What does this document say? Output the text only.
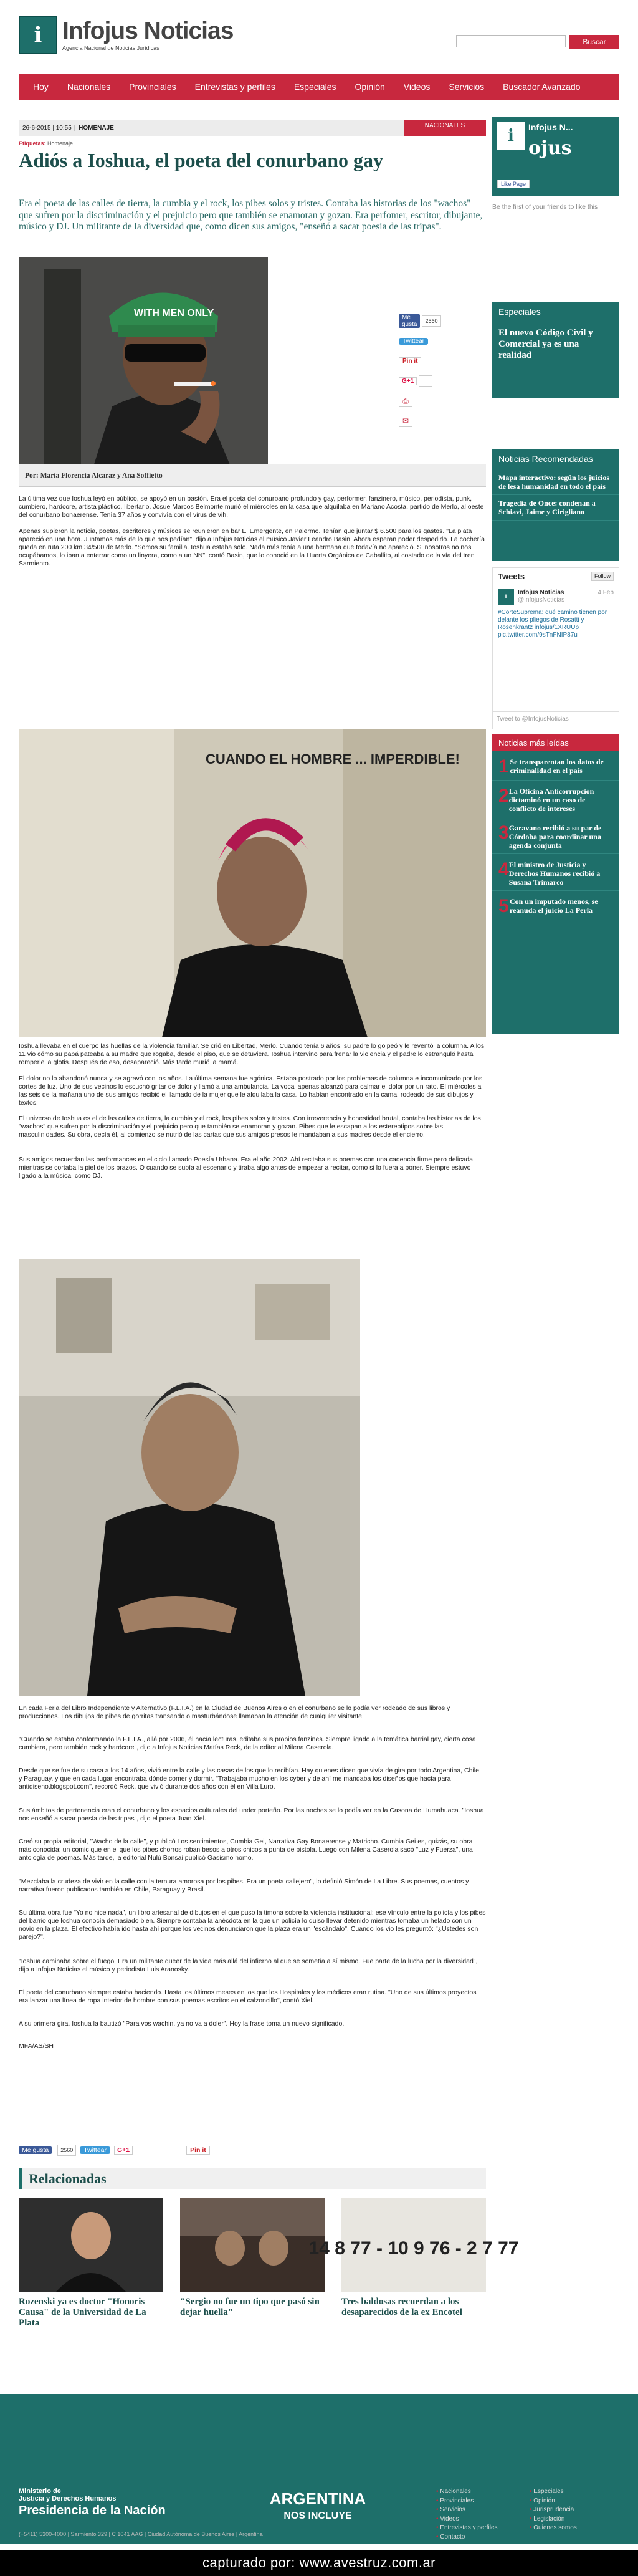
i Infojus Noticias
Agencia Nacional de Noticias Jurídicas
Buscar
Hoy	Nacionales	Provinciales	Entrevistas y perfiles	Especiales	Opinión	Videos	Servicios	Buscador Avanzado
26-6-2015 | 10:55 | HOMENAJE	NACIONALES
Etiquetas: Homenaje
Adiós a Ioshua, el poeta del conurbano gay
Era el poeta de las calles de tierra, la cumbia y el rock, los pibes solos y tristes. Contaba las historias de los "wachos" que sufren por la discriminación y el prejuicio pero que también se enamoran y gozan. Era perfomer, escritor, dibujante, músico y DJ. Un militante de la diversidad que, como dicen sus amigos, "enseñó a sacar poesía de las tripas".
WITH MEN ONLY	Me gusta	2560
Twittear
Pin it
G+1
⎙
✉
Por: María Florencia Alcaraz y Ana Soffietto
La última vez que Ioshua leyó en público, se apoyó en un bastón. Era el poeta del conurbano profundo y gay, performer, fanzinero, músico, periodista, punk, cumbiero, hardcore, artista plástico, libertario. Josue Marcos Belmonte murió el miércoles en la casa que alquilaba en Mariano Acosta, partido de Merlo, al oeste del conurbano bonaerense. Tenía 37 años y convivía con el virus de vih.
Apenas supieron la noticia, poetas, escritores y músicos se reunieron en bar El Emergente, en Palermo. Tenían que juntar $ 6.500 para los gastos. "La plata apareció en una hora. Juntamos más de lo que nos pedían", dijo a Infojus Noticias el músico Javier Leandro Basin. Ahora esperan poder despedirlo. La cochería queda en ruta 200 km 34/500 de Merlo. "Somos su familia. Ioshua estaba solo. Nada más tenía a una hermana que todavía no apareció. Si nosotros no nos ocupábamos, lo iban a enterrar como un linyera, como a un NN", contó Basin, que lo conoció en la Huerta Orgánica de Caballito, al costado de la vía del tren Sarmiento.
CUANDO EL HOMBRE ... IMPERDIBLE!
Ioshua llevaba en el cuerpo las huellas de la violencia familiar. Se crió en Libertad, Merlo. Cuando tenía 6 años, su padre lo golpeó y le reventó la columna. A los 11 vio cómo su papá pateaba a su madre que rogaba, desde el piso, que se detuviera. Ioshua intervino para frenar la violencia y el padre lo estranguló hasta romperle la glotis. Después de eso, desapareció. Más tarde murió la mamá.
El dolor no lo abandonó nunca y se agravó con los años. La última semana fue agónica. Estaba postrado por los problemas de columna e incomunicado por los cortes de luz. Uno de sus vecinos lo escuchó gritar de dolor y llamó a una ambulancia. La vocal apenas alcanzó para calmar el dolor por un rato. El miércoles a las seis de la mañana uno de sus amigos recibió el llamado de la mujer que le alquilaba la casa. Lo habían encontrado en la cama, rodeado de sus dibujos y textos.
El universo de Ioshua es el de las calles de tierra, la cumbia y el rock, los pibes solos y tristes. Con irreverencia y honestidad brutal, contaba las historias de los "wachos" que sufren por la discriminación y el prejuicio pero que también se enamoran y gozan. Pibes que le escapan a los estereotipos sobre las masculinidades. Su obra, decía él, al comienzo se nutrió de las cartas que sus amigos presos le mandaban a sus madres desde el encierro.
Sus amigos recuerdan las performances en el ciclo llamado Poesía Urbana. Era el año 2002. Ahí recitaba sus poemas con una cadencia firme pero delicada, mientras se cortaba la piel de los brazos. O cuando se subía al escenario y tiraba algo antes de empezar a recitar, como si lo fuera a poner. Siempre estuvo ligado a la música, como DJ.
En cada Feria del Libro Independiente y Alternativo (F.L.I.A.) en la Ciudad de Buenos Aires o en el conurbano se lo podía ver rodeado de sus libros y producciones. Los dibujos de pibes de gorritas transando o masturbándose llamaban la atención de cualquier visitante.
"Cuando se estaba conformando la F.L.I.A., allá por 2006, él hacía lecturas, editaba sus propios fanzines. Siempre ligado a la temática barrial gay, cierta cosa cumbiera, pero también rock y hardcore", dijo a Infojus Noticias Matías Reck, de la editorial Milena Caserola.
Desde que se fue de su casa a los 14 años, vivió entre la calle y las casas de los que lo recibían. Hay quienes dicen que vivía de gira por todo Argentina, Chile, y Paraguay, y que en cada lugar encontraba dónde comer y dormir. "Trabajaba mucho en los cyber y de ahí me mandaba los diseños que hacía para antidiseno.blogspot.com", recordó Reck, que vivió durante dos años con él en Villa Luro.
Sus ámbitos de pertenencia eran el conurbano y los espacios culturales del under porteño. Por las noches se lo podía ver en la Casona de Humahuaca. "Ioshua nos enseñó a sacar poesía de las tripas", dijo el poeta Juan Xiel.
Creó su propia editorial, "Wacho de la calle", y publicó Los sentimientos, Cumbia Gei, Narrativa Gay Bonaerense y Matricho. Cumbia Gei es, quizás, su obra más conocida: un comic que en el que los pibes chorros roban besos a otros chicos a punta de pistola. Luego con Milena Caserola sacó "Luz y Fuerza", una antología de poemas. Más tarde, la editorial Nulú Bonsai publicó Gasismo homo.
"Mezclaba la crudeza de vivir en la calle con la ternura amorosa por los pibes. Era un poeta callejero", lo definió Simón de La Libre. Sus poemas, cuentos y narrativa fueron publicados también en Chile, Paraguay y Brasil.
Su última obra fue "Yo no hice nada", un libro artesanal de dibujos en el que puso la timona sobre la violencia institucional: ese vínculo entre la policía y los pibes del barrio que Ioshua conocía demasiado bien. Siempre contaba la anécdota en la que un policía lo quiso llevar detenido mientras tomaba un helado con un novio en la plaza. El efectivo había ido hasta ahí porque los vecinos denunciaron que la plaza era un "escándalo". Cuando los vio les preguntó: "¿Ustedes son parejo?".
"Ioshua caminaba sobre el fuego. Era un militante queer de la vida más allá del infierno al que se sometía a sí mismo. Fue parte de la lucha por la diversidad", dijo a Infojus Noticias el músico y periodista Luis Aranosky.
El poeta del conurbano siempre estaba haciendo. Hasta los últimos meses en los que los Hospitales y los médicos eran rutina. "Uno de sus últimos proyectos era lanzar una línea de ropa interior de hombre con sus poemas escritos en el calzoncillo", contó Xiel.
A su primera gira, Ioshua la bautizó "Para vos wachin, ya no va a doler". Hoy la frase toma un nuevo significado.
MFA/AS/SH
Me gusta	2560	Twittear	G+1	Pin it
Relacionadas
14 8 77 - 10 9 76 - 2 7 77
Rozenski ya es doctor "Honoris Causa" de la Universidad de La Plata
"Sergio no fue un tipo que pasó sin dejar huella"
Tres baldosas recuerdan a los desaparecidos de la ex Encotel
i	Infojus N...
ojus
Like Page
Be the first of your friends to like this
Especiales
El nuevo Código Civil y Comercial ya es una realidad
Noticias Recomendadas
Mapa interactivo: según los juicios de lesa humanidad en todo el país
Tragedia de Once: condenan a Schiavi, Jaime y Cirigliano
Tweets	Follow
i
Infojus Noticias	4 Feb
@InfojusNoticias
#CorteSuprema: qué camino tienen por delante los pliegos de Rosatti y Rosenkrantz infojus/1XRUUp pic.twitter.com/9sTnFNIP87u
Tweet to @InfojusNoticias
Noticias más leídas
1 Se transparentan los datos de criminalidad en el país
2 La Oficina Anticorrupción dictaminó en un caso de conflicto de intereses
3 Garavano recibió a su par de Córdoba para coordinar una agenda conjunta
4 El ministro de Justicia y Derechos Humanos recibió a Susana Trimarco
5 Con un imputado menos, se reanuda el juicio La Perla
Ministerio de
Justicia y Derechos Humanos
Presidencia de la Nación
(+5411) 5300-4000 | Sarmiento 329 | C 1041 AAG | Ciudad Autónoma de Buenos Aires | Argentina
ARGENTINA
NOS INCLUYE
• Nacionales
• Provinciales
• Servicios
• Videos
• Entrevistas y perfiles
• Contacto
• Especiales
• Opinión
• Jurisprudencia
• Legislación
• Quienes somos
capturado por: www.avestruz.com.ar
